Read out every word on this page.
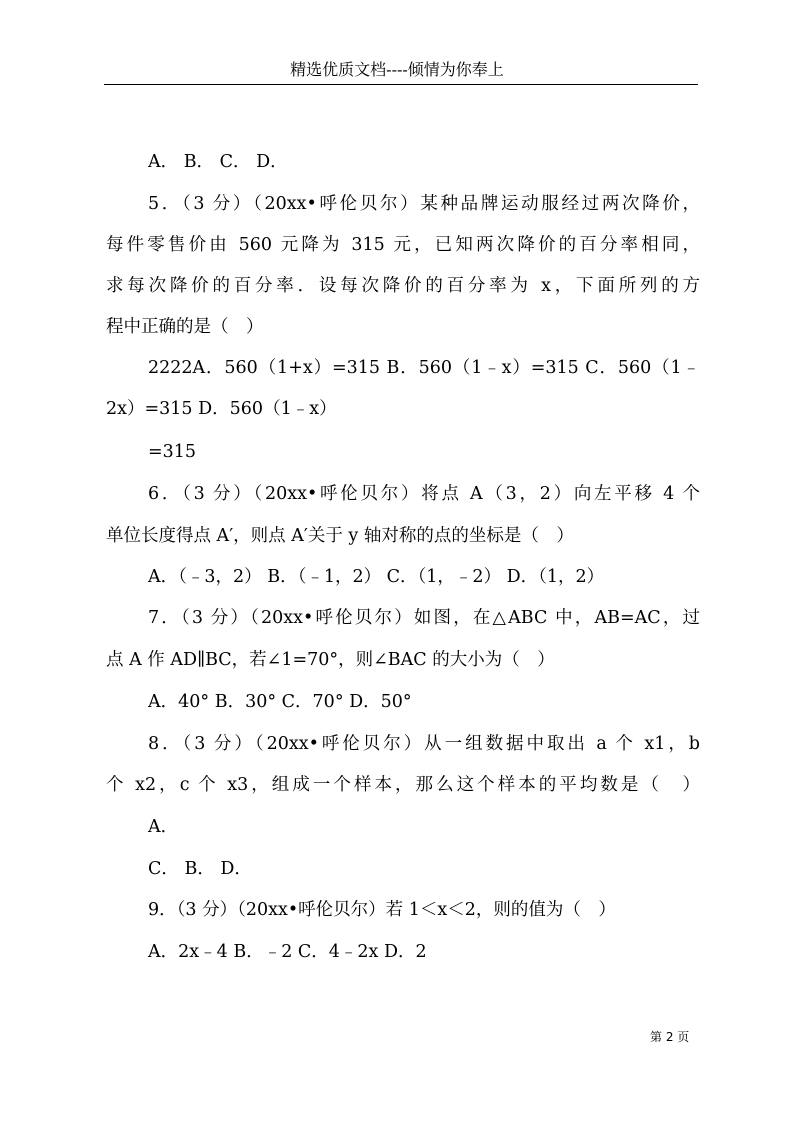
精选优质文档----倾情为你奉上
A． B． C． D．
5．（3 分）（20xx•呼伦贝尔）某种品牌运动服经过两次降价，
每件零售价由 560 元降为 315 元，已知两次降价的百分率相同，
求每次降价的百分率．设每次降价的百分率为 x，下面所列的方
程中正确的是（　）
2222A．560（1+x）=315 B．560（1﹣x）=315 C．560（1﹣
2x）=315 D．560（1﹣x）
=315
6．（3 分）（20xx•呼伦贝尔）将点 A（3，2）向左平移 4 个
单位长度得点 A′，则点 A′关于 y 轴对称的点的坐标是（　）
A．（﹣3，2） B．（﹣1，2） C．（1，﹣2） D．（1，2）
7．（3 分）（20xx•呼伦贝尔）如图，在△ABC 中，AB=AC，过
点 A 作 AD∥BC，若∠1=70°，则∠BAC 的大小为（　）
A．40° B．30° C．70° D．50°
8．（3 分）（20xx•呼伦贝尔）从一组数据中取出 a 个 x1，b
个 x2，c 个 x3，组成一个样本，那么这个样本的平均数是（　）
A．
C． B． D．
9．（3 分）（20xx•呼伦贝尔）若 1＜x＜2，则的值为（　）
A．2x﹣4 B．﹣2 C．4﹣2x D．2
第 2 页
